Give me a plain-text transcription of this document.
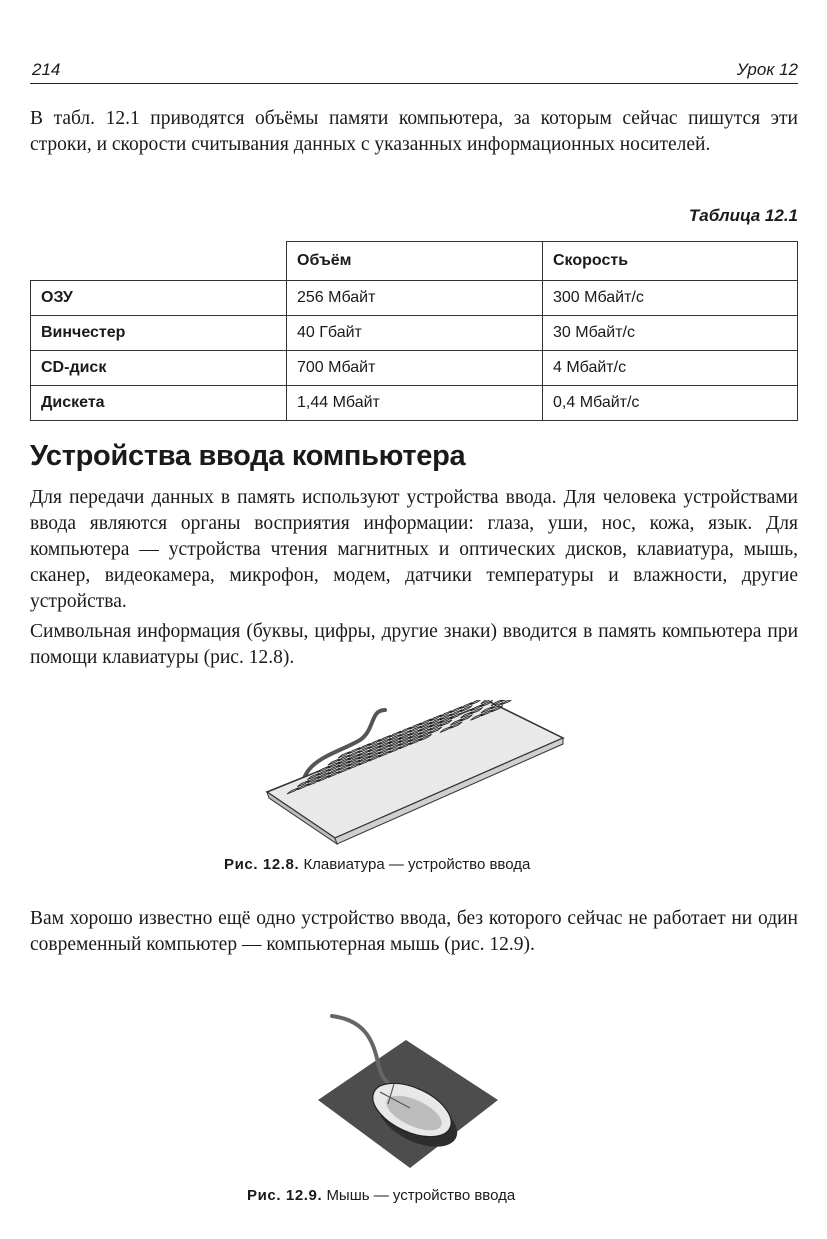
214	Урок 12
В табл. 12.1 приводятся объёмы памяти компьютера, за которым сейчас пишутся эти строки, и скорости считывания данных с указанных информационных носителей.
Таблица 12.1
	Объём	Скорость
ОЗУ	256 Мбайт	300 Мбайт/с
Винчестер	40 Гбайт	30 Мбайт/с
CD-диск	700 Мбайт	4 Мбайт/с
Дискета	1,44 Мбайт	0,4 Мбайт/с
Устройства ввода компьютера
Для передачи данных в память используют устройства ввода. Для человека устройствами ввода являются органы восприятия информации: глаза, уши, нос, кожа, язык. Для компьютера — устройства чтения магнитных и оптических дисков, клавиатура, мышь, сканер, видеокамера, микрофон, модем, датчики температуры и влажности, другие устройства.
Символьная информация (буквы, цифры, другие знаки) вводится в память компьютера при помощи клавиатуры (рис. 12.8).
Рис. 12.8. Клавиатура — устройство ввода
Вам хорошо известно ещё одно устройство ввода, без которого сейчас не работает ни один современный компьютер — компьютерная мышь (рис. 12.9).
Рис. 12.9. Мышь — устройство ввода
